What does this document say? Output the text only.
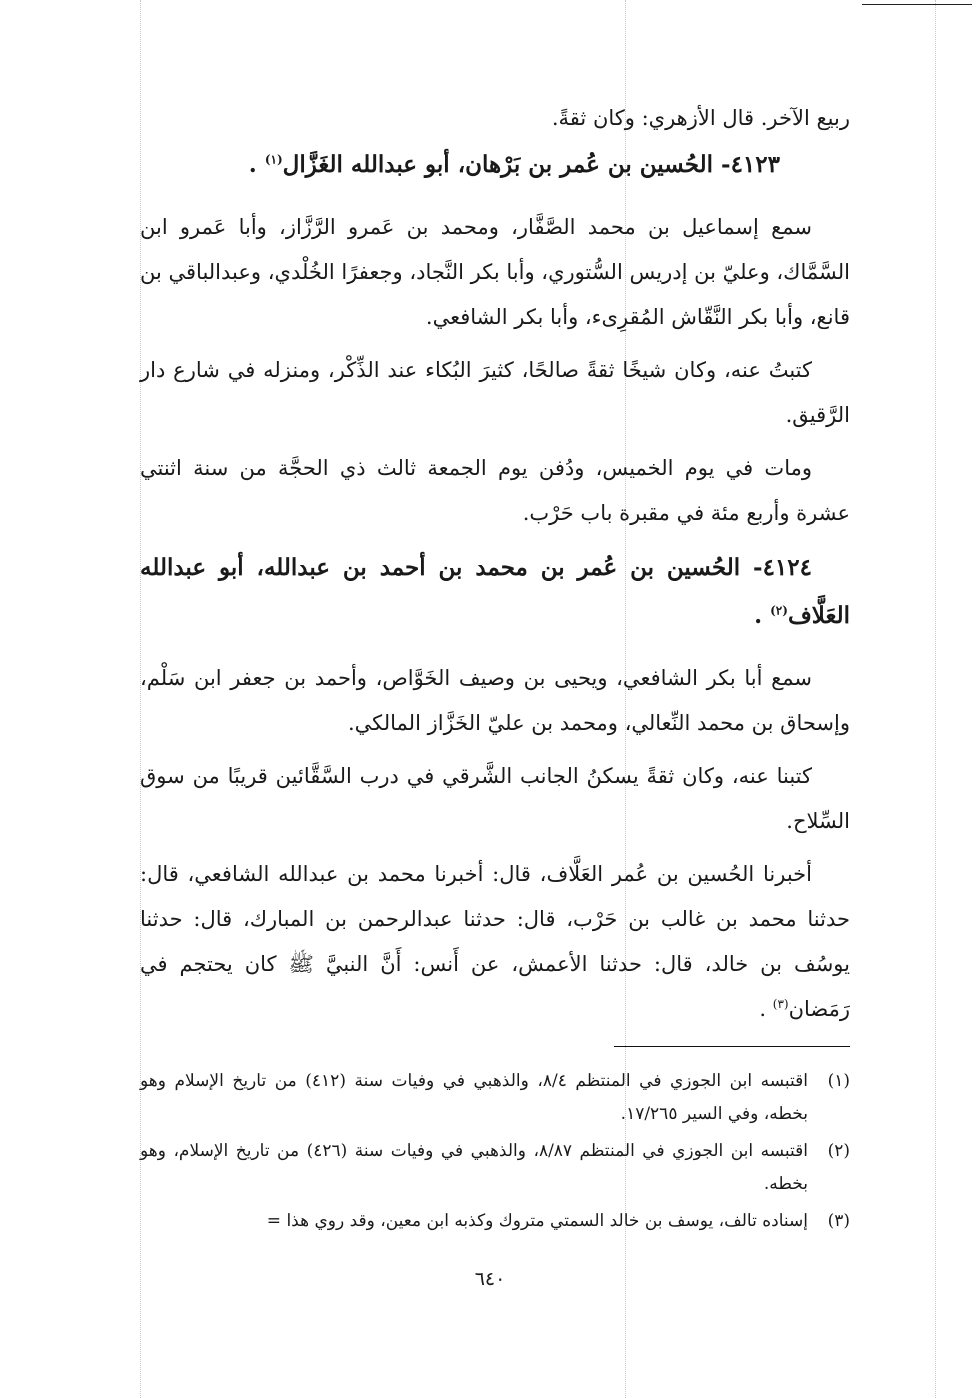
ربيع الآخر. قال الأزهري: وكان ثقةً.

٤١٢٣- الحُسين بن عُمر بن بَرْهان، أبو عبدالله الغَزَّال$^{(١)}$ .

سمع إسماعيل بن محمد الصَّفَّار، ومحمد بن عَمرو الرَّزَّاز، وأبا عَمرو ابن السَّمَّاك، وعليّ بن إدريس السُّتوري، وأبا بكر النَّجاد، وجعفرًا الخُلْدي، وعبدالباقي بن قانع، وأبا بكر النَّقّاش المُقرِىء، وأبا بكر الشافعي.

كتبتُ عنه، وكان شيخًا ثقةً صالحًا، كثيرَ البُكاء عند الذِّكْر، ومنزله في شارع دار الرَّقيق.

ومات في يوم الخميس، ودُفن يوم الجمعة ثالث ذي الحجَّة من سنة اثنتي عشرة وأربع مئة في مقبرة باب حَرْب.

٤١٢٤- الحُسين بن عُمر بن محمد بن أحمد بن عبدالله، أبو عبدالله العَلَّاف$^{(٢)}$ .

سمع أبا بكر الشافعي، ويحيى بن وصيف الخَوَّاص، وأحمد بن جعفر ابن سَلْم، وإسحاق بن محمد النِّعالي، ومحمد بن عليّ الخَزَّاز المالكي.

كتبنا عنه، وكان ثقةً يسكنُ الجانب الشَّرقي في درب السَّقَّائين قريبًا من سوق السِّلاح.

أخبرنا الحُسين بن عُمر العَلَّاف، قال: أخبرنا محمد بن عبدالله الشافعي، قال: حدثنا محمد بن غالب بن حَرْب، قال: حدثنا عبدالرحمن بن المبارك، قال: حدثنا يوسُف بن خالد، قال: حدثنا الأعمش، عن أَنس: أَنَّ النبيَّ ﷺ كان يحتجم في رَمَضان$^{(٣)}$ .

(١)
اقتبسه ابن الجوزي في المنتظم ٨/٤، والذهبي في وفيات سنة (٤١٢) من تاريخ الإسلام وهو بخطه، وفي السير ١٧/٢٦٥.
(٢)
اقتبسه ابن الجوزي في المنتظم ٨/٨٧، والذهبي في وفيات سنة (٤٢٦) من تاريخ الإسلام، وهو بخطه.
(٣)
إسناده تالف، يوسف بن خالد السمتي متروك وكذبه ابن معين، وقد روي هذا =
٦٤٠
